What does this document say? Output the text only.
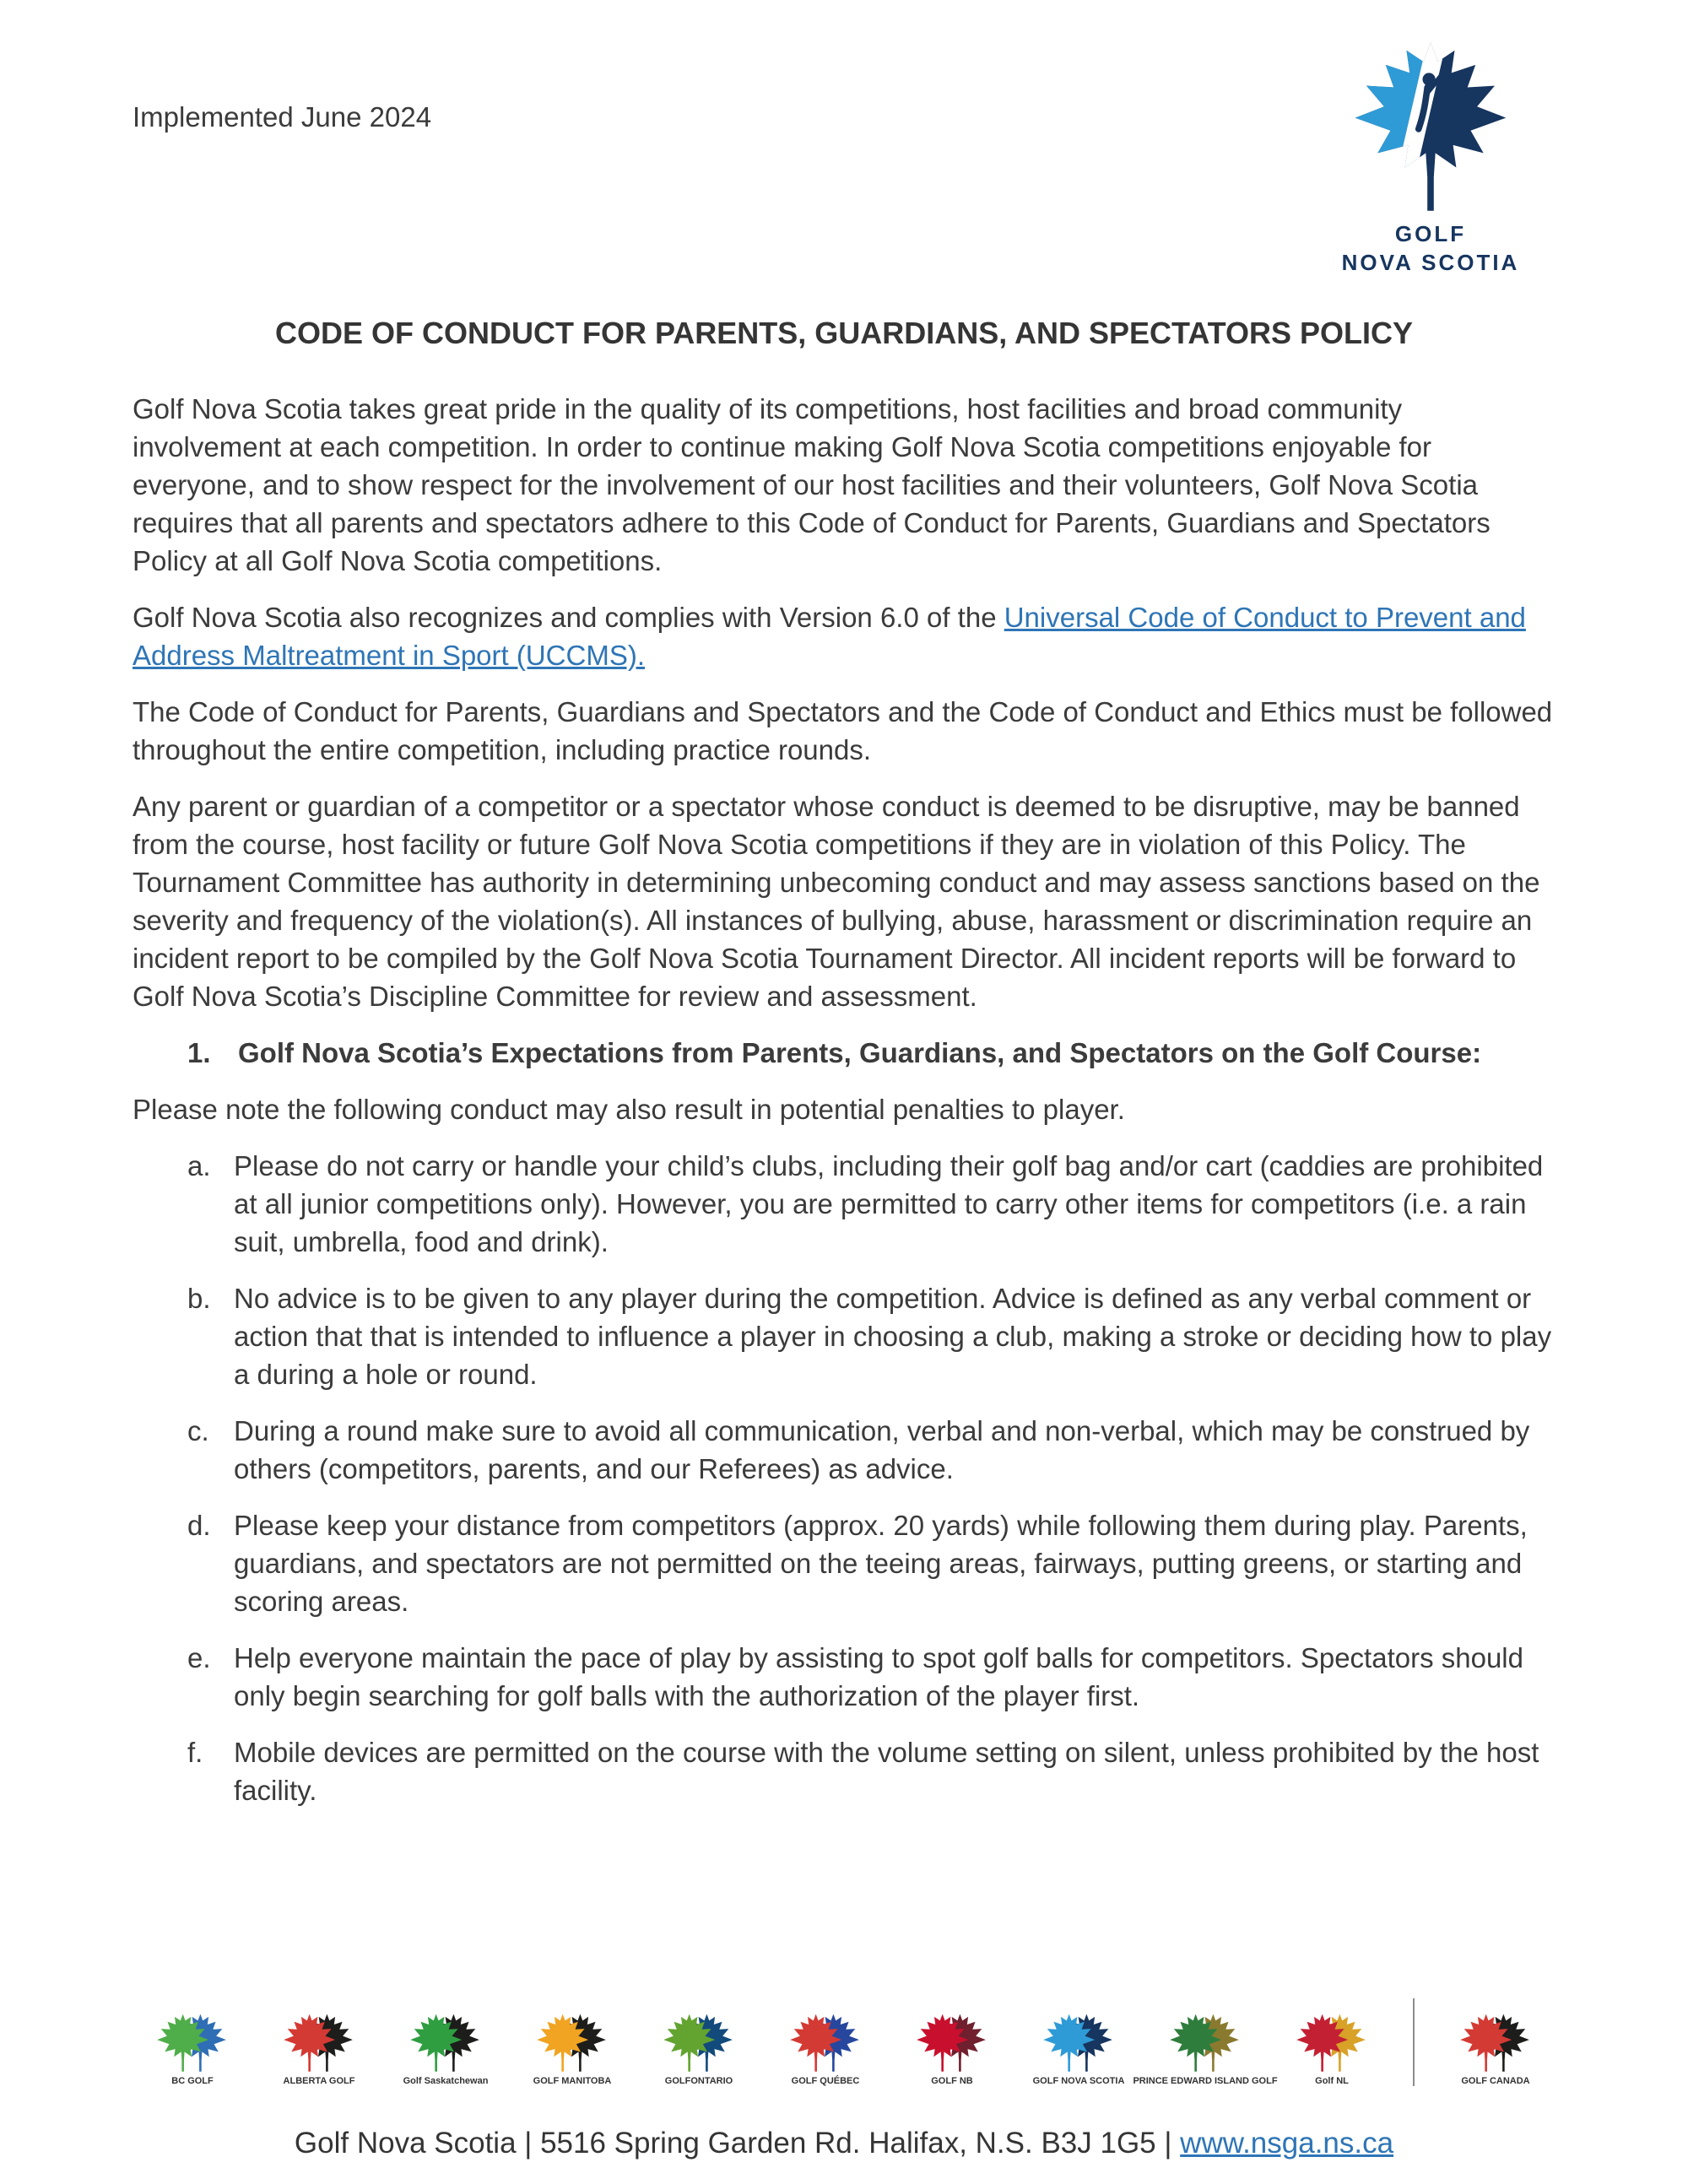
Implemented June 2024
GOLF
NOVA SCOTIA
CODE OF CONDUCT FOR PARENTS, GUARDIANS, AND SPECTATORS POLICY

Golf Nova Scotia takes great pride in the quality of its competitions, host facilities and broad community involvement at each competition. In order to continue making Golf Nova Scotia competitions enjoyable for everyone, and to show respect for the involvement of our host facilities and their volunteers, Golf Nova Scotia requires that all parents and spectators adhere to this Code of Conduct for Parents, Guardians and Spectators Policy at all Golf Nova Scotia competitions.

Golf Nova Scotia also recognizes and complies with Version 6.0 of the Universal Code of Conduct to Prevent and Address Maltreatment in Sport (UCCMS).

The Code of Conduct for Parents, Guardians and Spectators and the Code of Conduct and Ethics must be followed throughout the entire competition, including practice rounds.

Any parent or guardian of a competitor or a spectator whose conduct is deemed to be disruptive, may be banned from the course, host facility or future Golf Nova Scotia competitions if they are in violation of this Policy. The Tournament Committee has authority in determining unbecoming conduct and may assess sanctions based on the severity and frequency of the violation(s). All instances of bullying, abuse, harassment or discrimination require an incident report to be compiled by the Golf Nova Scotia Tournament Director. All incident reports will be forward to Golf Nova Scotia’s Discipline Committee for review and assessment.

1. Golf Nova Scotia’s Expectations from Parents, Guardians, and Spectators on the Golf Course:

Please note the following conduct may also result in potential penalties to player.

a. Please do not carry or handle your child’s clubs, including their golf bag and/or cart (caddies are prohibited at all junior competitions only). However, you are permitted to carry other items for competitors (i.e. a rain suit, umbrella, food and drink).
b. No advice is to be given to any player during the competition. Advice is defined as any verbal comment or action that that is intended to influence a player in choosing a club, making a stroke or deciding how to play a during a hole or round.
c. During a round make sure to avoid all communication, verbal and non-verbal, which may be construed by others (competitors, parents, and our Referees) as advice.
d. Please keep your distance from competitors (approx. 20 yards) while following them during play. Parents, guardians, and spectators are not permitted on the teeing areas, fairways, putting greens, or starting and scoring areas.
e. Help everyone maintain the pace of play by assisting to spot golf balls for competitors. Spectators should only begin searching for golf balls with the authorization of the player first.
f.	Mobile devices are permitted on the course with the volume setting on silent, unless prohibited by the host facility.
BC GOLF	ALBERTA GOLF	Golf Saskatchewan	GOLF MANITOBA	GOLFONTARIO	GOLF QUÉBEC	GOLF NB	GOLF NOVA SCOTIA PRINCE EDWARD ISLAND GOLF	Golf NL	GOLF CANADA
Golf Nova Scotia | 5516 Spring Garden Rd. Halifax, N.S. B3J 1G5 | www.nsga.ns.ca
